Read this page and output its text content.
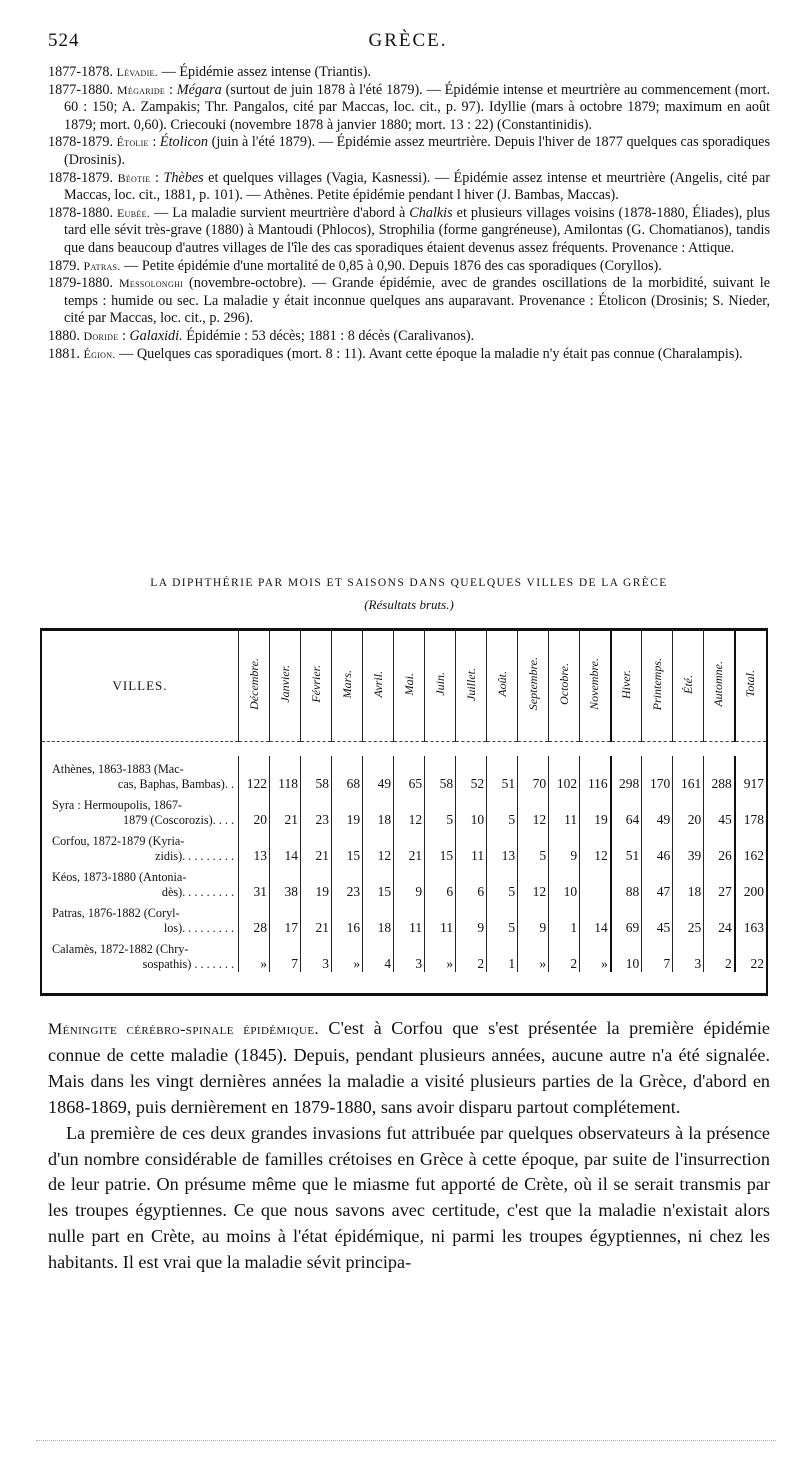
524	GRÈCE.

1877-1878. Lévadie. — Épidémie assez intense (Triantis).

1877-1880. Mégaride : Mégara (surtout de juin 1878 à l'été 1879). — Épidémie intense et meurtrière au commencement (mort. 60 : 150; A. Zampakis; Thr. Pangalos, cité par Maccas, loc. cit., p. 97). Idyllie (mars à octobre 1879; maximum en août 1879; mort. 0,60). Criecouki (novembre 1878 à janvier 1880; mort. 13 : 22) (Constantinidis).

1878-1879. Étolie : Étolicon (juin à l'été 1879). — Épidémie assez meurtrière. Depuis l'hiver de 1877 quelques cas sporadiques (Drosinis).

1878-1879. Béotie : Thèbes et quelques villages (Vagia, Kasnessi). — Épidémie assez intense et meurtrière (Angelis, cité par Maccas, loc. cit., 1881, p. 101). — Athènes. Petite épidémie pendant l hiver (J. Bambas, Maccas).

1878-1880. Eubée. — La maladie survient meurtrière d'abord à Chalkis et plusieurs villages voisins (1878-1880, Éliades), plus tard elle sévit très-grave (1880) à Mantoudi (Phlocos), Strophilia (forme gangréneuse), Amilontas (G. Chomatianos), tandis que dans beaucoup d'autres villages de l'île des cas sporadiques étaient devenus assez fréquents. Provenance : Attique.

1879. Patras. — Petite épidémie d'une mortalité de 0,85 à 0,90. Depuis 1876 des cas sporadiques (Coryllos).

1879-1880. Messolonghi (novembre-octobre). — Grande épidémie, avec de grandes oscillations de la morbidité, suivant le temps : humide ou sec. La maladie y était inconnue quelques ans auparavant. Provenance : Étolicon (Drosinis; S. Nieder, cité par Maccas, loc. cit., p. 296).

1880. Doride : Galaxidi. Épidémie : 53 décès; 1881 : 8 décès (Caralivanos).

1881. Égion. — Quelques cas sporadiques (mort. 8 : 11). Avant cette époque la maladie n'y était pas connue (Charalampis).

LA DIPHTHÉRIE PAR MOIS ET SAISONS DANS QUELQUES VILLES DE LA GRÈCE
(Résultats bruts.)
VILLES.	Décembre.	Janvier.	Février.	Mars.	Avril.	Mai.	Juin.	Juillet.	Août.	Septembre.	Octobre.	Novembre.	Hiver.	Printemps.	Été.	Automne.	Total.

Athènes, 1863-1883 (Mac-
cas, Baphas, Bambas). .	122	118	58	68	49	65	58	52	51	70	102	116	298	170	161	288	917

Syra : Hermoupolis, 1867-
1879 (Coscorozis). . . .	20	21	23	19	18	12	5	10	5	12	11	19	64	49	20	45	178

Corfou, 1872-1879 (Kyria-
zidis). . . . . . . . .	13	14	21	15	12	21	15	11	13	5	9	12	51	46	39	26	162

Kéos, 1873-1880 (Antonia-
dès). . . . . . . . .	31	38	19	23	15	9	6	6	5	12	10		88	47	18	27	200

Patras, 1876-1882 (Coryl-
los). . . . . . . . .	28	17	21	16	18	11	11	9	5	9	1	14	69	45	25	24	163

Calamès, 1872-1882 (Chry-
sospathis) . . . . . . .	»	7	3	»	4	3	»	2	1	»	2	»	10	7	3	2	22

Méningite cérébro-spinale épidémique. C'est à Corfou que s'est présentée la première épidémie connue de cette maladie (1845). Depuis, pendant plusieurs années, aucune autre n'a été signalée. Mais dans les vingt dernières années la maladie a visité plusieurs parties de la Grèce, d'abord en 1868-1869, puis dernièrement en 1879-1880, sans avoir disparu partout complétement.

La première de ces deux grandes invasions fut attribuée par quelques observateurs à la présence d'un nombre considérable de familles crétoises en Grèce à cette époque, par suite de l'insurrection de leur patrie. On présume même que le miasme fut apporté de Crète, où il se serait transmis par les troupes égyptiennes. Ce que nous savons avec certitude, c'est que la maladie n'existait alors nulle part en Crète, au moins à l'état épidémique, ni parmi les troupes égyptiennes, ni chez les habitants. Il est vrai que la maladie sévit principa-
